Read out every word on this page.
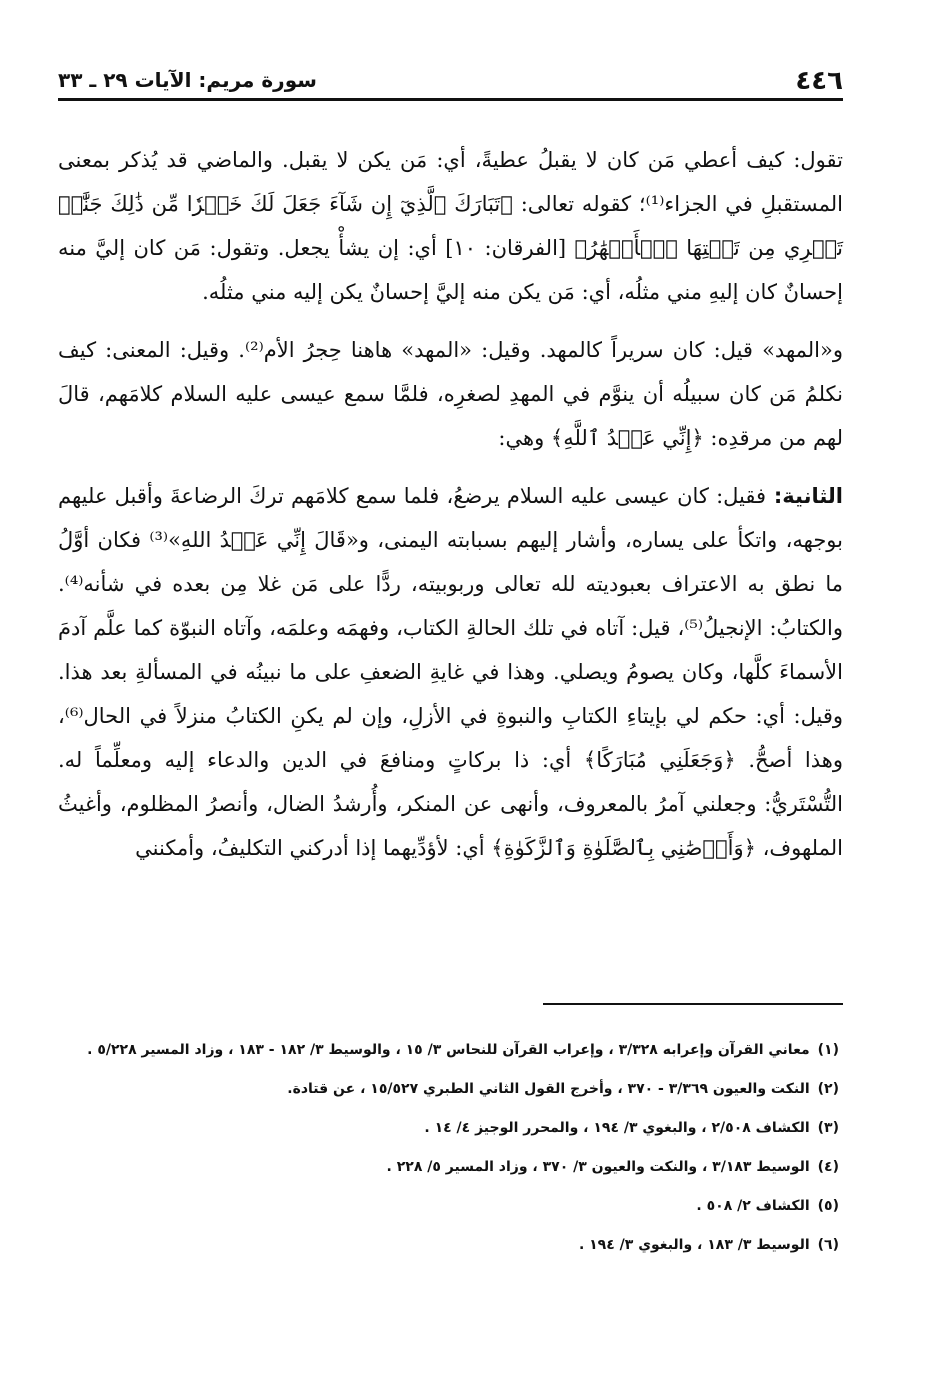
٤٤٦
سورة مريم: الآيات ٢٩ ـ ٣٣

تقول: كيف أعطي مَن كان لا يقبلُ عطيةً، أي: مَن يكن لا يقبل. والماضي قد يُذكر بمعنى المستقبلِ في الجزاء⁽¹⁾؛ كقوله تعالى: ﴿تَبَارَكَ ٱلَّذِيٓ إِن شَآءَ جَعَلَ لَكَ خَيۡرٗا مِّن ذَٰلِكَ جَنَّٰتٖ تَجۡرِي مِن تَحۡتِهَا ٱلۡأَنۡهَٰرُ﴾ [الفرقان: ١٠] أي: إن يشأْ يجعل. وتقول: مَن كان إليَّ منه إحسانٌ كان إليهِ مني مثلُه، أي: مَن يكن منه إليَّ إحسانٌ يكن إليه مني مثلُه.

و«المهد» قيل: كان سريراً كالمهد. وقيل: «المهد» هاهنا حِجرُ الأم⁽²⁾. وقيل: المعنى: كيف نكلمُ مَن كان سبيلُه أن ينوَّم في المهدِ لصغرِه، فلمَّا سمع عيسى عليه السلام كلامَهم، قالَ لهم من مرقدِه: ﴿إِنِّي عَبۡدُ ٱللَّهِ﴾ وهي:

الثانية: فقيل: كان عيسى عليه السلام يرضعُ، فلما سمع كلامَهم تركَ الرضاعةَ وأقبل عليهم بوجهه، واتكأ على يساره، وأشار إليهم بسبابته اليمنى، و«قَالَ إِنِّي عَبۡدُ اللهِ»⁽³⁾ فكان أوَّلُ ما نطق به الاعتراف بعبوديته لله تعالى وربوبيته، ردًّا على مَن غلا مِن بعده في شأنه⁽⁴⁾. والكتابُ: الإنجيلُ⁽⁵⁾، قيل: آتاه في تلك الحالةِ الكتاب، وفهمَه وعلمَه، وآتاه النبوّة كما علَّم آدمَ الأسماءَ كلَّها، وكان يصومُ ويصلي. وهذا في غايةِ الضعفِ على ما نبينُه في المسألةِ بعد هذا. وقيل: أي: حكم لي بإيتاءِ الكتابِ والنبوةِ في الأزلِ، وإن لم يكنِ الكتابُ منزلاً في الحال⁽⁶⁾، وهذا أصحُّ. ﴿وَجَعَلَنِي مُبَارَكًا﴾ أي: ذا بركاتٍ ومنافعَ في الدين والدعاء إليه ومعلِّماً له. التُّسْتَريُّ: وجعلني آمرُ بالمعروف، وأنهى عن المنكر، وأُرشدُ الضال، وأنصرُ المظلوم، وأغيثُ الملهوف، ﴿وَأَوۡصَٰنِي بِٱلصَّلَوٰةِ وَٱلزَّكَوٰةِ﴾ أي: لأؤدِّيهما إذا أدركني التكليفُ، وأمكنني

(١)
معاني القرآن وإعرابه ٣/٣٢٨ ، وإعراب القرآن للنحاس ٣/ ١٥ ، والوسيط ٣/ ١٨٢ - ١٨٣ ، وزاد المسير ٥/٢٢٨ .
(٢)
النكت والعيون ٣/٣٦٩ - ٣٧٠ ، وأخرج القول الثاني الطبري ١٥/٥٢٧ ، عن قتادة.
(٣)
الكشاف ٢/٥٠٨ ، والبغوي ٣/ ١٩٤ ، والمحرر الوجيز ٤/ ١٤ .
(٤)
الوسيط ٣/١٨٣ ، والنكت والعيون ٣/ ٣٧٠ ، وزاد المسير ٥/ ٢٢٨ .
(٥)
الكشاف ٢/ ٥٠٨ .
(٦)
الوسيط ٣/ ١٨٣ ، والبغوي ٣/ ١٩٤ .
